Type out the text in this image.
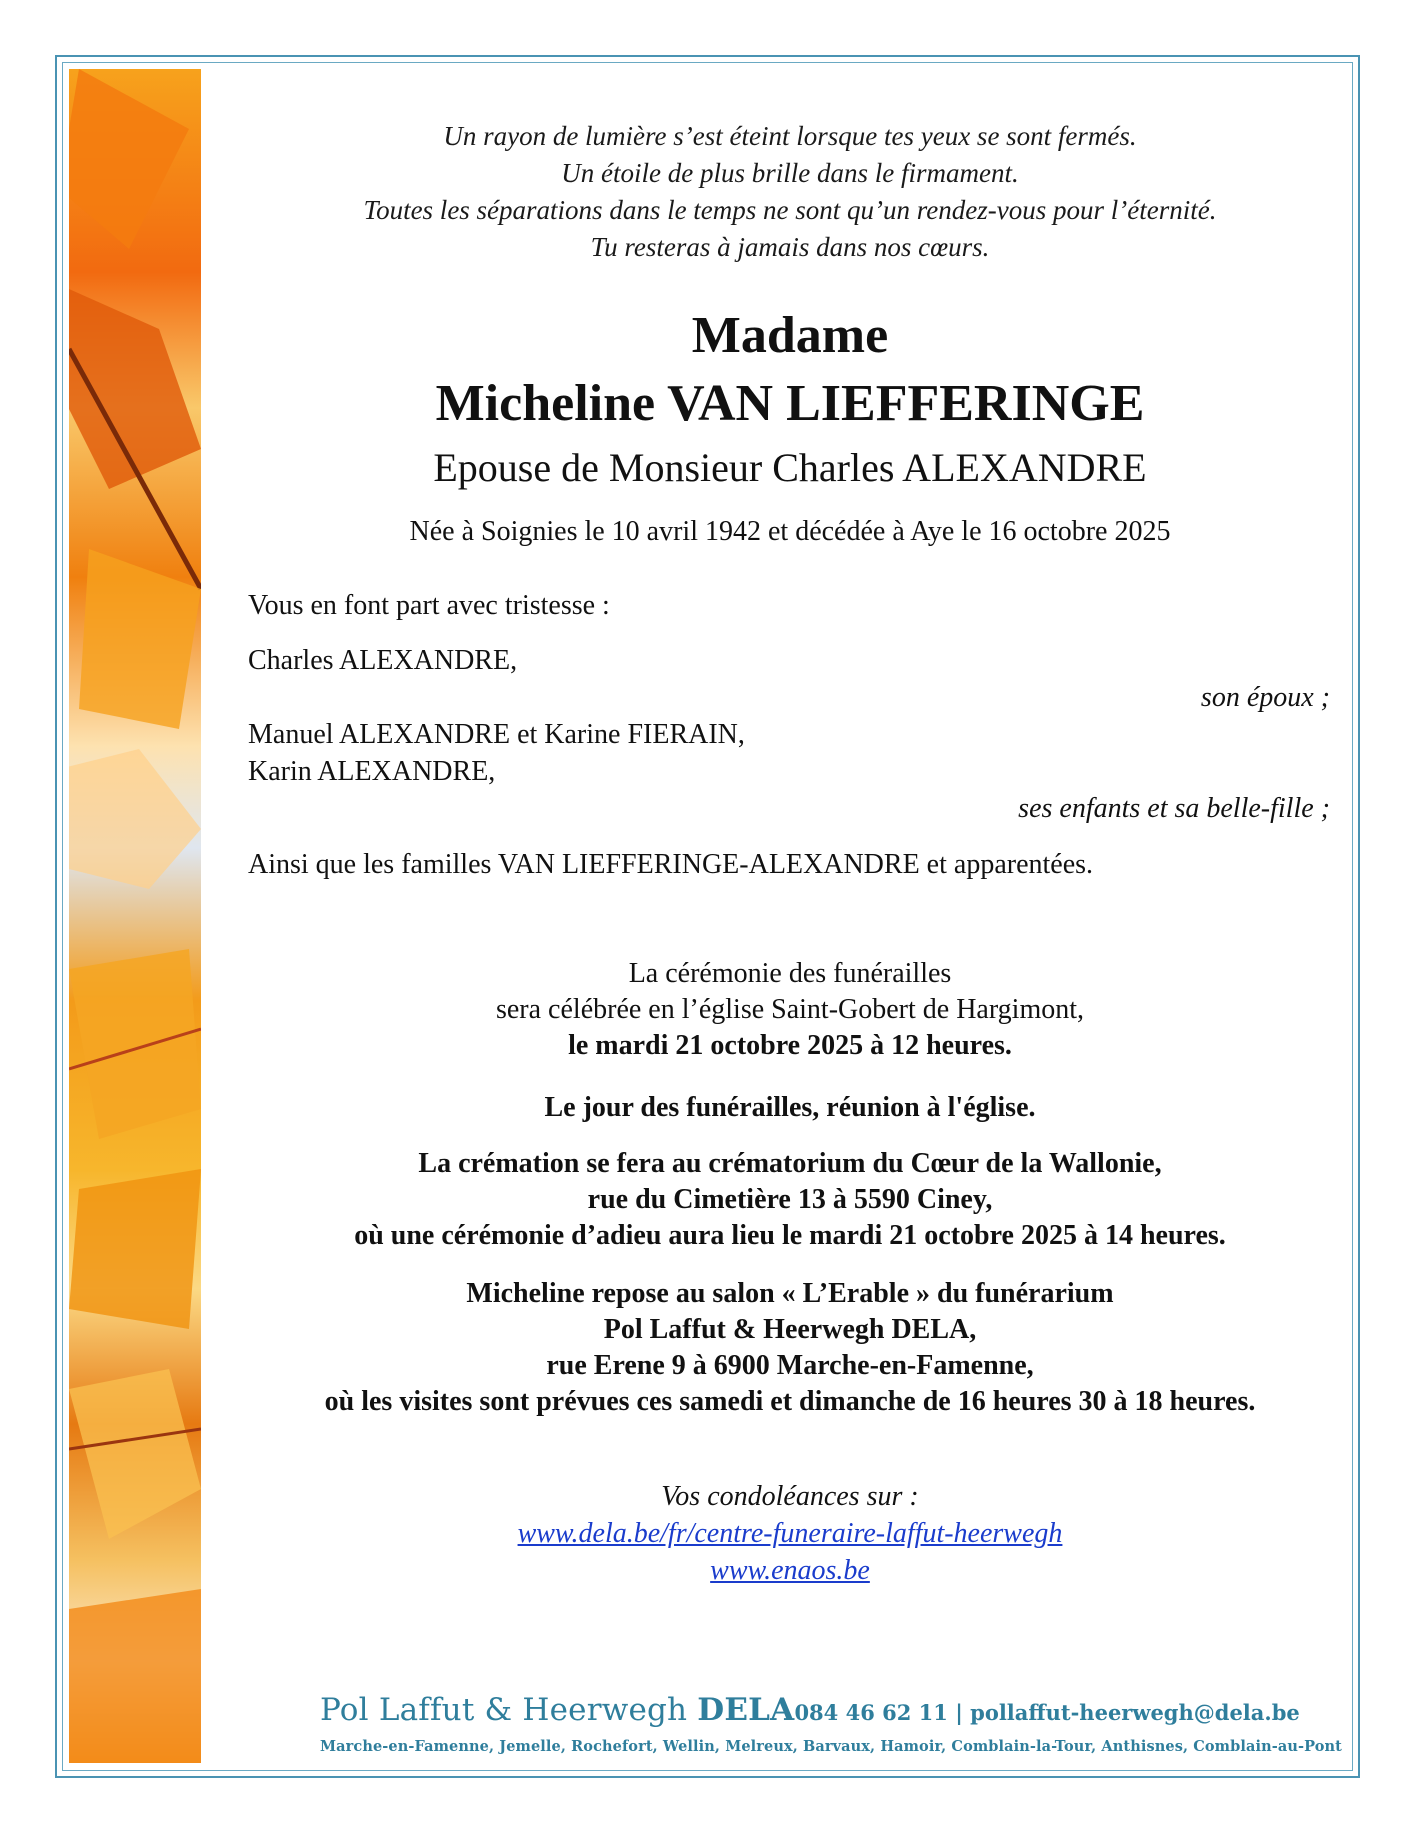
Un rayon de lumière s’est éteint lorsque tes yeux se sont fermés.
Un étoile de plus brille dans le firmament.
Toutes les séparations dans le temps ne sont qu’un rendez-vous pour l’éternité.
Tu resteras à jamais dans nos cœurs.
Madame
Micheline VAN LIEFFERINGE
Epouse de Monsieur Charles ALEXANDRE
Née à Soignies le 10 avril 1942 et décédée à Aye le 16 octobre 2025
Vous en font part avec tristesse :
Charles ALEXANDRE,
son époux ;
Manuel ALEXANDRE et Karine FIERAIN,
Karin ALEXANDRE,
ses enfants et sa belle-fille ;
Ainsi que les familles VAN LIEFFERINGE-ALEXANDRE et apparentées.
La cérémonie des funérailles
sera célébrée en l’église Saint-Gobert de Hargimont,
le mardi 21 octobre 2025 à 12 heures.
Le jour des funérailles, réunion à l'église.
La crémation se fera au crématorium du Cœur de la Wallonie,
rue du Cimetière 13 à 5590 Ciney,
où une cérémonie d’adieu aura lieu le mardi 21 octobre 2025 à 14 heures.
Micheline repose au salon « L’Erable » du funérarium
Pol Laffut & Heerwegh DELA,
rue Erene 9 à 6900 Marche-en-Famenne,
où les visites sont prévues ces samedi et dimanche de 16 heures 30 à 18 heures.
Vos condoléances sur :
www.dela.be/fr/centre-funeraire-laffut-heerwegh
www.enaos.be
Pol Laffut & Heerwegh DELA 084 46 62 11 | pollaffut-heerwegh@dela.be
Marche-en-Famenne, Jemelle, Rochefort, Wellin, Melreux, Barvaux, Hamoir, Comblain-la-Tour, Anthisnes, Comblain-au-Pont
